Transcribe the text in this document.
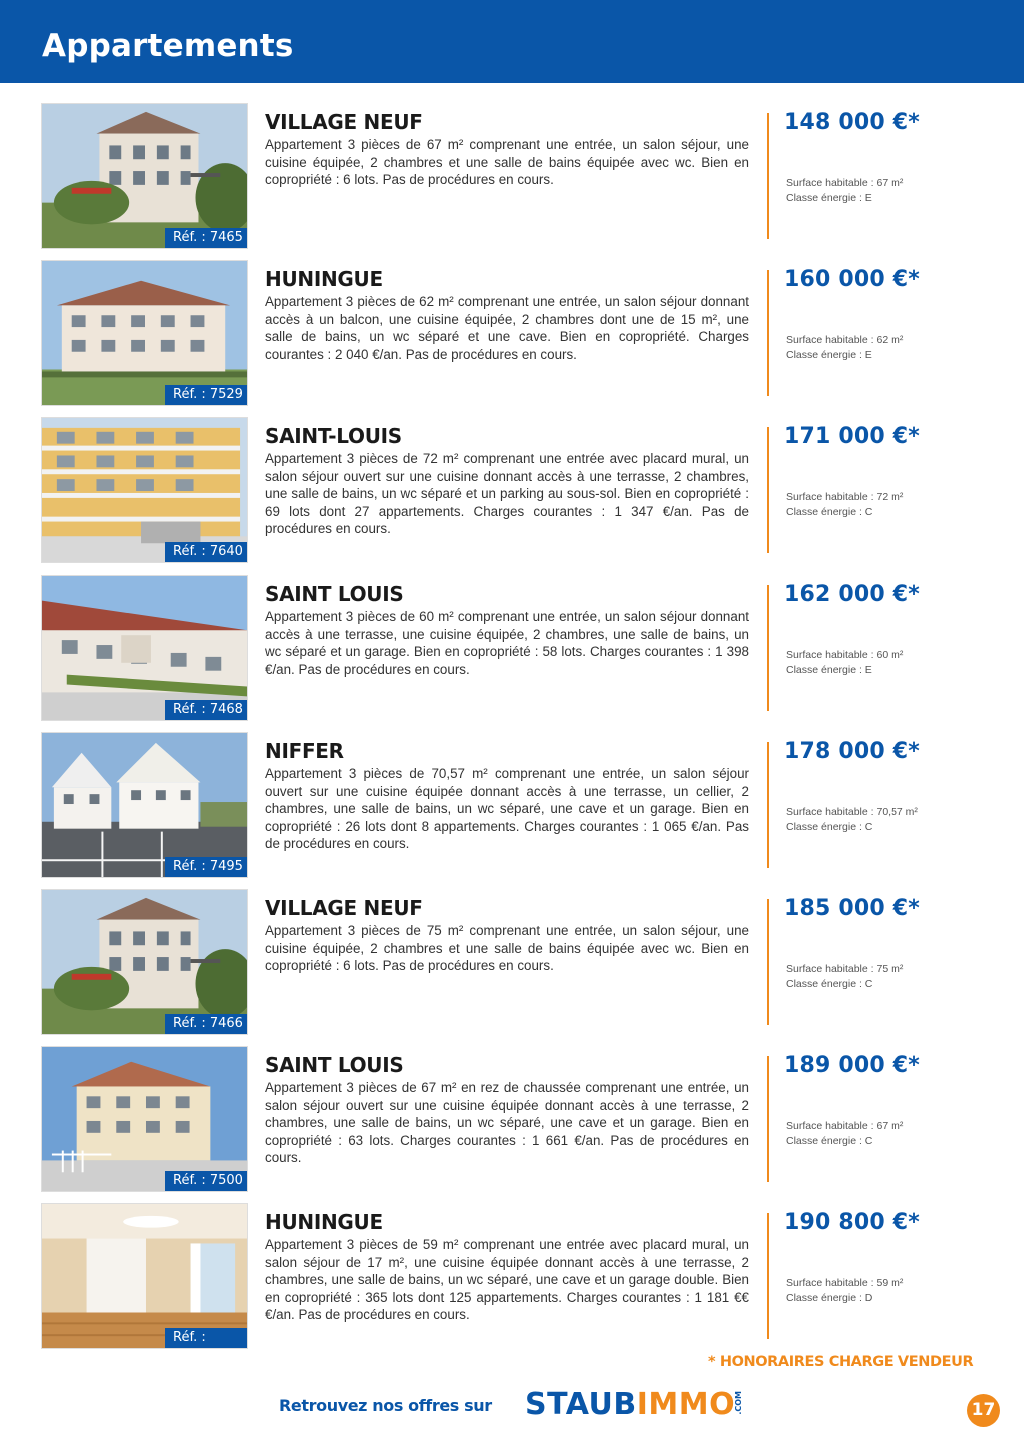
Appartements
Réf. : 7465
VILLAGE NEUF
Appartement 3 pièces de 67 m² comprenant une entrée, un salon séjour, une cuisine équipée, 2 chambres et une salle de bains équipée avec wc. Bien en copropriété : 6 lots. Pas de procédures en cours.
148 000 €*
Surface habitable : 67 m²
Classe énergie : E
Réf. : 7529
HUNINGUE
Appartement 3 pièces de 62 m² comprenant une entrée, un salon séjour donnant accès à un balcon, une cuisine équipée, 2 chambres dont une de 15 m², une salle de bains, un wc séparé et une cave. Bien en copropriété. Charges courantes : 2 040 €/an. Pas de procédures en cours.
160 000 €*
Surface habitable : 62 m²
Classe énergie : E
Réf. : 7640
SAINT-LOUIS
Appartement 3 pièces de 72 m² comprenant une entrée avec placard mural, un salon séjour ouvert sur une cuisine donnant accès à une terrasse, 2 chambres, une salle de bains, un wc séparé et un parking au sous-sol. Bien en copropriété : 69 lots dont 27 appartements. Charges courantes : 1 347 €/an. Pas de procédures en cours.
171 000 €*
Surface habitable : 72 m²
Classe énergie : C
Réf. : 7468
SAINT LOUIS
Appartement 3 pièces de 60 m² comprenant une entrée, un salon séjour donnant accès à une terrasse, une cuisine équipée, 2 chambres, une salle de bains, un wc séparé et un garage. Bien en copropriété : 58 lots. Charges courantes : 1 398 €/an. Pas de procédures en cours.
162 000 €*
Surface habitable : 60 m²
Classe énergie : E
Réf. : 7495
NIFFER
Appartement 3 pièces de 70,57 m² comprenant une entrée, un salon séjour ouvert sur une cuisine équipée donnant accès à une terrasse, un cellier, 2 chambres, une salle de bains, un wc séparé, une cave et un garage. Bien en copropriété : 26 lots dont 8 appartements. Charges courantes : 1 065 €/an. Pas de procédures en cours.
178 000 €*
Surface habitable : 70,57 m²
Classe énergie : C
Réf. : 7466
VILLAGE NEUF
Appartement 3 pièces de 75 m² comprenant une entrée, un salon séjour, une cuisine équipée, 2 chambres et une salle de bains équipée avec wc. Bien en copropriété : 6 lots. Pas de procédures en cours.
185 000 €*
Surface habitable : 75 m²
Classe énergie : C
Réf. : 7500
SAINT LOUIS
Appartement 3 pièces de 67 m² en rez de chaussée comprenant une entrée, un salon séjour ouvert sur une cuisine équipée donnant accès à une terrasse, 2 chambres, une salle de bains, un wc séparé, une cave et un garage. Bien en copropriété : 63 lots. Charges courantes : 1 661 €/an. Pas de procédures en cours.
189 000 €*
Surface habitable : 67 m²
Classe énergie : C
Réf. :
HUNINGUE
Appartement 3 pièces de 59 m² comprenant une entrée avec placard mural, un salon séjour de 17 m², une cuisine équipée donnant accès à une terrasse, 2 chambres, une salle de bains, un wc séparé, une cave et un garage double. Bien en copropriété : 365 lots dont 125 appartements. Charges courantes : 1 181 €€€/an. Pas de procédures en cours.
190 800 €*
Surface habitable : 59 m²
Classe énergie : D
* HONORAIRES CHARGE VENDEUR
Retrouvez nos offres sur STAUBIMMO
.COM	17
